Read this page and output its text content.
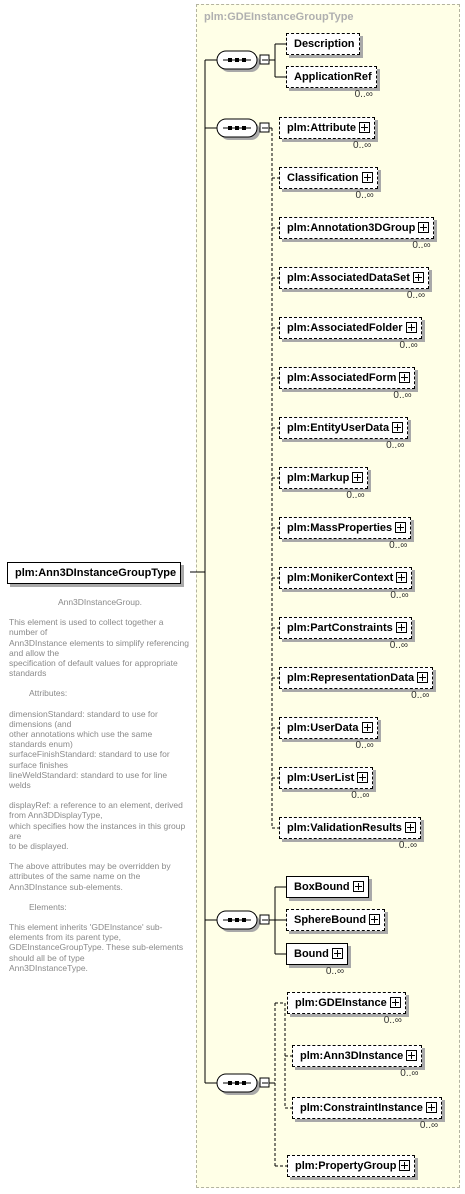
plm:GDEInstanceGroupType
plm:Ann3DInstanceGroupType
Description
ApplicationRef
0..∞
plm:Attribute
0..∞
Classification
0..∞
plm:Annotation3DGroup
0..∞
plm:AssociatedDataSet
0..∞
plm:AssociatedFolder
0..∞
plm:AssociatedForm
0..∞
plm:EntityUserData
0..∞
plm:Markup
0..∞
plm:MassProperties
0..∞
plm:MonikerContext
0..∞
plm:PartConstraints
0..∞
plm:RepresentationData
0..∞
plm:UserData
0..∞
plm:UserList
0..∞
plm:ValidationResults
0..∞
BoxBound
SphereBound
Bound
0..∞
plm:GDEInstance
0..∞
plm:Ann3DInstance
0..∞
plm:ConstraintInstance
0..∞
plm:PropertyGroup

Ann3DInstanceGroup.

This element is used to collect together a number of
Ann3DInstance elements to simplify referencing and allow the
specification of default values for appropriate standards

Attributes:

dimensionStandard: standard to use for dimensions (and
other annotations which use the same
standards enum)
surfaceFinishStandard: standard to use for surface finishes
lineWeldStandard: standard to use for line welds

displayRef: a reference to an element, derived from Ann3DDisplayType,
which specifies how the instances in this group are
to be displayed.

The above attributes may be overridden by attributes of the same name on the
Ann3DInstance sub-elements.

Elements:

This element inherits 'GDEInstance' sub-elements from its parent type,
GDEInstanceGroupType. These sub-elements should all be of type
Ann3DInstanceType.
